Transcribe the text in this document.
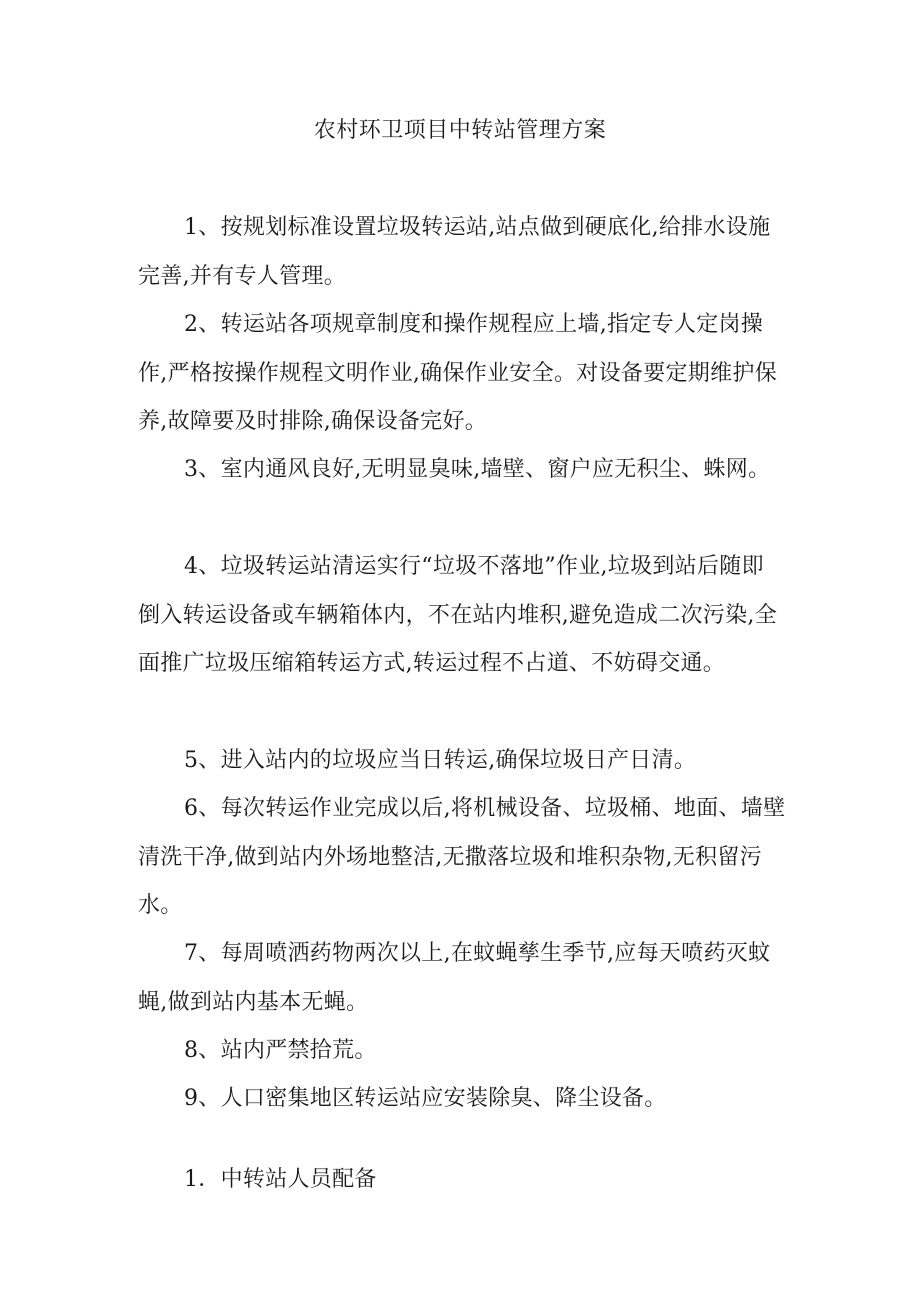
农村环卫项目中转站管理方案

1、按规划标准设置垃圾转运站,站点做到硬底化,给排水设施完善,并有专人管理。

2、转运站各项规章制度和操作规程应上墙,指定专人定岗操作,严格按操作规程文明作业,确保作业安全。对设备要定期维护保养,故障要及时排除,确保设备完好。

3、室内通风良好,无明显臭味,墙壁、窗户应无积尘、蛛网。

4、垃圾转运站清运实行“垃圾不落地”作业,垃圾到站后随即倒入转运设备或车辆箱体内，不在站内堆积,避免造成二次污染,全面推广垃圾压缩箱转运方式,转运过程不占道、不妨碍交通。

5、进入站内的垃圾应当日转运,确保垃圾日产日清。

6、每次转运作业完成以后,将机械设备、垃圾桶、地面、墙壁清洗干净,做到站内外场地整洁,无撒落垃圾和堆积杂物,无积留污水。

7、每周喷洒药物两次以上,在蚊蝇孳生季节,应每天喷药灭蚊蝇,做到站内基本无蝇。

8、站内严禁拾荒。

9、人口密集地区转运站应安装除臭、降尘设备。

1．中转站人员配备
